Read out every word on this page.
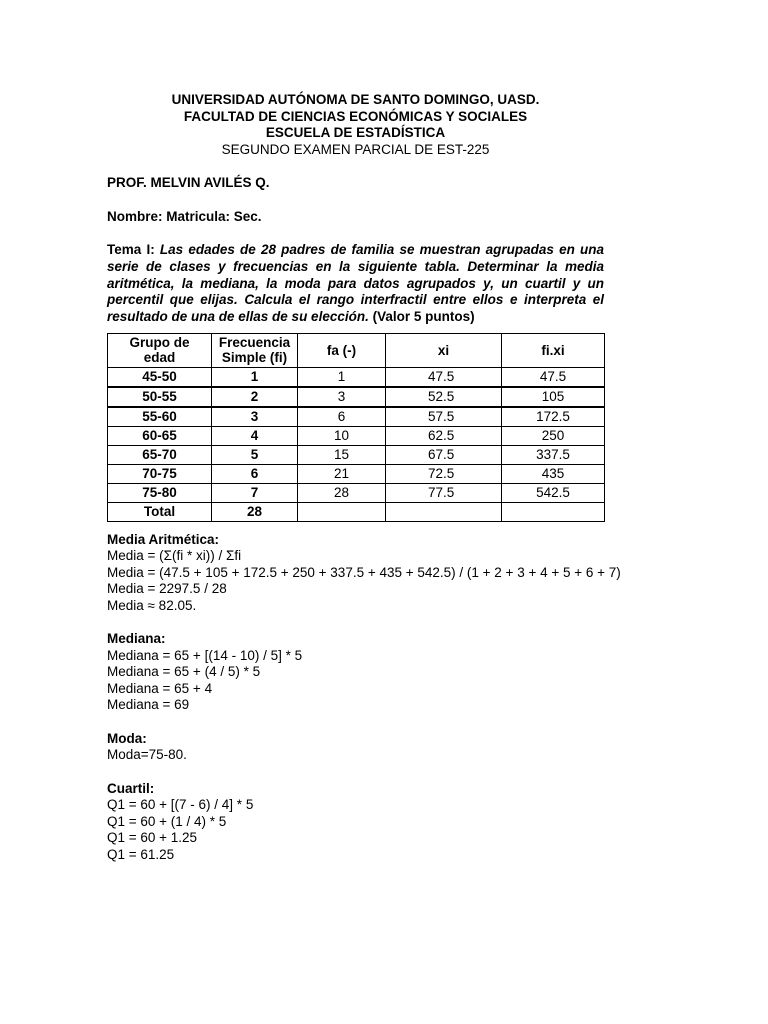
UNIVERSIDAD AUTÓNOMA DE SANTO DOMINGO, UASD.
FACULTAD DE CIENCIAS ECONÓMICAS Y SOCIALES
ESCUELA DE ESTADÍSTICA
SEGUNDO EXAMEN PARCIAL DE EST-225
PROF. MELVIN AVILÉS Q.
Nombre: Matricula: Sec.
Tema I: Las edades de 28 padres de familia se muestran agrupadas en una serie de clases y frecuencias en la siguiente tabla. Determinar la media aritmética, la mediana, la moda para datos agrupados y, un cuartil y un percentil que elijas. Calcula el rango interfractil entre ellos e interpreta el resultado de una de ellas de su elección. (Valor 5 puntos)
Grupo de edad	Frecuencia Simple (fi)	fa (-)	xi	fi.xi
45-50	1	1	47.5	47.5
50-55	2	3	52.5	105
55-60	3	6	57.5	172.5
60-65	4	10	62.5	250
65-70	5	15	67.5	337.5
70-75	6	21	72.5	435
75-80	7	28	77.5	542.5
Total	28			
Media Aritmética:
Media = (Σ(fi * xi)) / Σfi
Media = (47.5 + 105 + 172.5 + 250 + 337.5 + 435 + 542.5) / (1 + 2 + 3 + 4 + 5 + 6 + 7)
Media = 2297.5 / 28
Media ≈ 82.05.
Mediana:
Mediana = 65 + [(14 - 10) / 5] * 5
Mediana = 65 + (4 / 5) * 5
Mediana = 65 + 4
Mediana = 69
Moda:
Moda=75-80.
Cuartil:
Q1 = 60 + [(7 - 6) / 4] * 5
Q1 = 60 + (1 / 4) * 5
Q1 = 60 + 1.25
Q1 = 61.25
